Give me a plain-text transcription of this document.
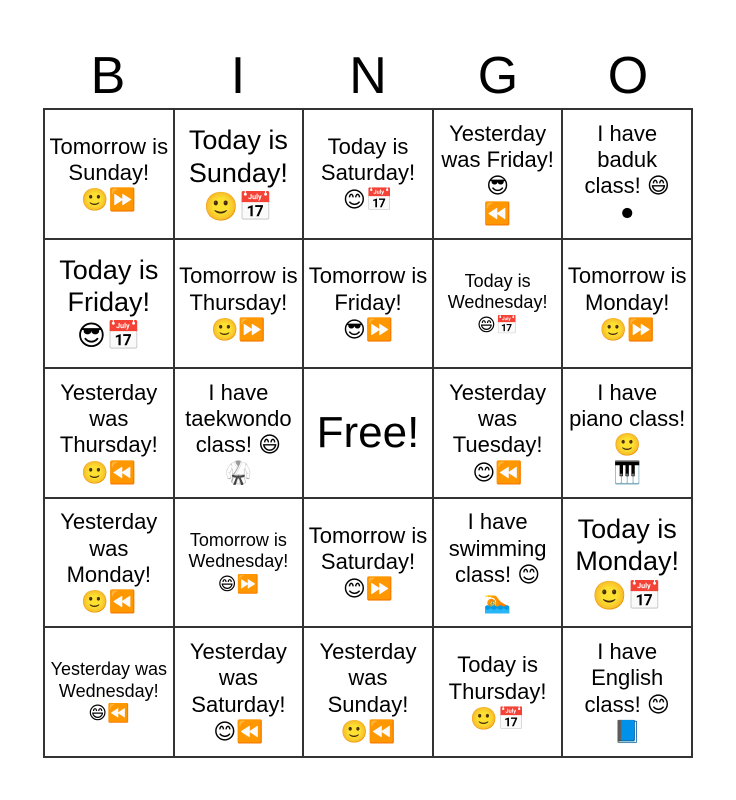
B	I	N	G	O
Tomorrow is Sunday!
🙂⏩
Today is Sunday!
🙂📅
Today is Saturday!
😊📅
Yesterday was Friday! 😎
⏪
I have baduk class! 😄
⚫
Today is Friday!
😎📅
Tomorrow is Thursday!
🙂⏩
Tomorrow is Friday!
😎⏩
Today is Wednesday!
😄📅
Tomorrow is Monday!
🙂⏩
Yesterday was Thursday!
🙂⏪
I have taekwondo class! 😄
🥋
Free!
Yesterday was Tuesday!
😊⏪
I have piano class! 🙂
🎹
Yesterday was Monday!
🙂⏪
Tomorrow is Wednesday!
😄⏩
Tomorrow is Saturday!
😊⏩
I have swimming class! 😊
🏊
Today is Monday!
🙂📅
Yesterday was Wednesday!
😄⏪
Yesterday was Saturday!
😊⏪
Yesterday was Sunday!
🙂⏪
Today is Thursday!
🙂📅
I have English class! 😊
📘
